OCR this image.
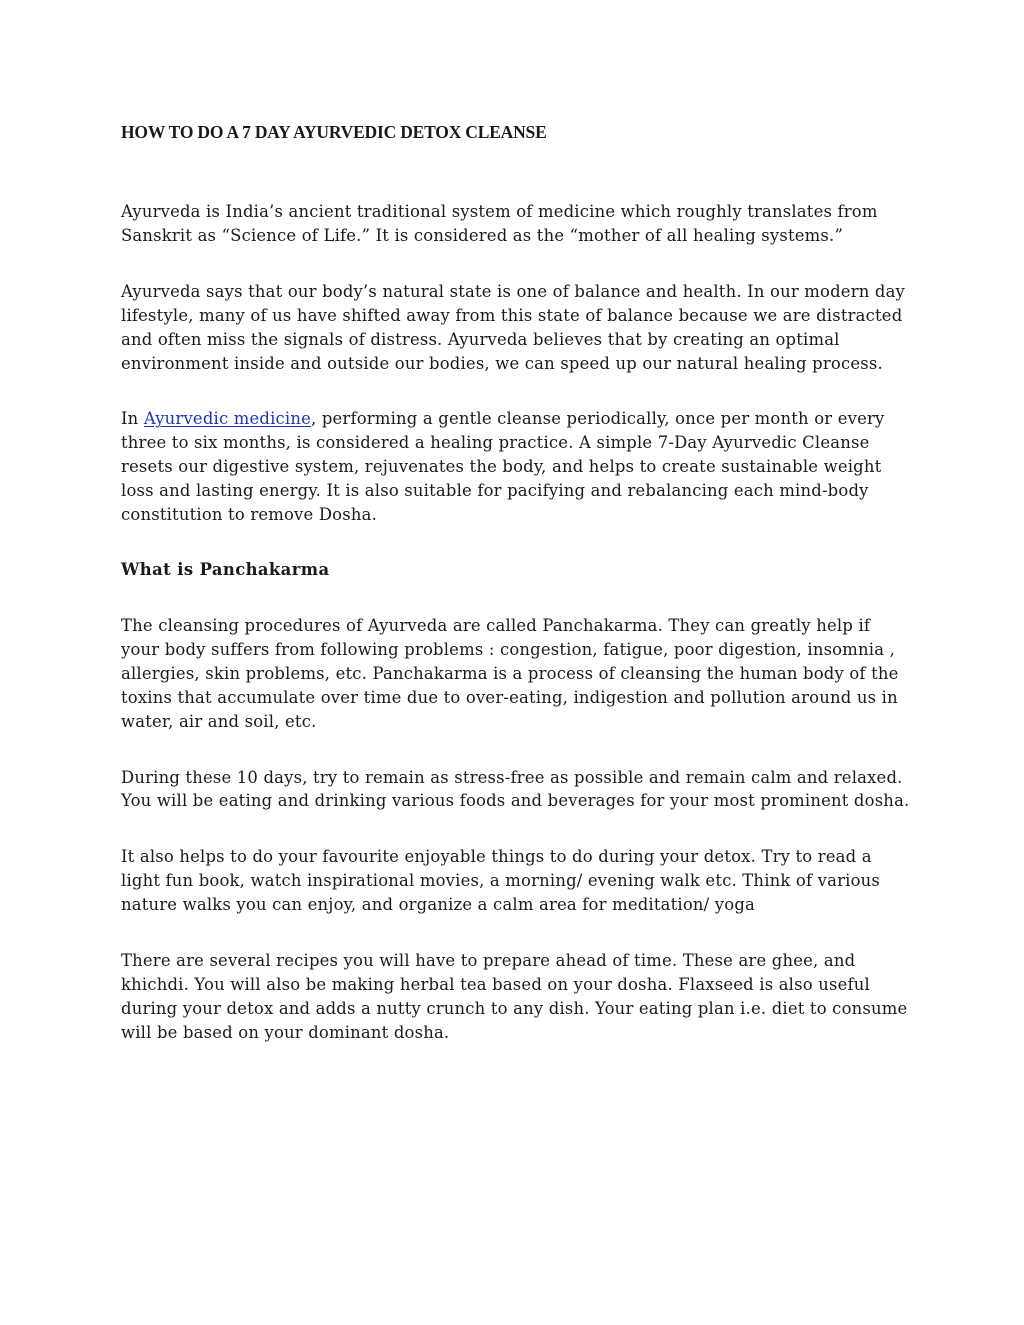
HOW TO DO A 7 DAY AYURVEDIC DETOX CLEANSE

Ayurveda is India’s ancient traditional system of medicine which roughly translates from Sanskrit as “Science of Life.” It is considered as the “mother of all healing systems.”

Ayurveda says that our body’s natural state is one of balance and health. In our modern day lifestyle, many of us have shifted away from this state of balance because we are distracted and often miss the signals of distress. Ayurveda believes that by creating an optimal environment inside and outside our bodies, we can speed up our natural healing process.

In Ayurvedic medicine, performing a gentle cleanse periodically, once per month or every three to six months, is considered a healing practice. A simple 7-Day Ayurvedic Cleanse resets our digestive system, rejuvenates the body, and helps to create sustainable weight loss and lasting energy. It is also suitable for pacifying and rebalancing each mind-body constitution to remove Dosha.

What is Panchakarma

The cleansing procedures of Ayurveda are called Panchakarma. They can greatly help if your body suffers from following problems : congestion, fatigue, poor digestion, insomnia , allergies, skin problems, etc. Panchakarma is a process of cleansing the human body of the toxins that accumulate over time due to over-eating, indigestion and pollution around us in water, air and soil, etc.

During these 10 days, try to remain as stress-free as possible and remain calm and relaxed. You will be eating and drinking various foods and beverages for your most prominent dosha.

It also helps to do your favourite enjoyable things to do during your detox. Try to read a light fun book, watch inspirational movies, a morning/ evening walk etc. Think of various nature walks you can enjoy, and organize a calm area for meditation/ yoga

There are several recipes you will have to prepare ahead of time. These are ghee, and khichdi. You will also be making herbal tea based on your dosha. Flaxseed is also useful during your detox and adds a nutty crunch to any dish. Your eating plan i.e. diet to consume will be based on your dominant dosha.
